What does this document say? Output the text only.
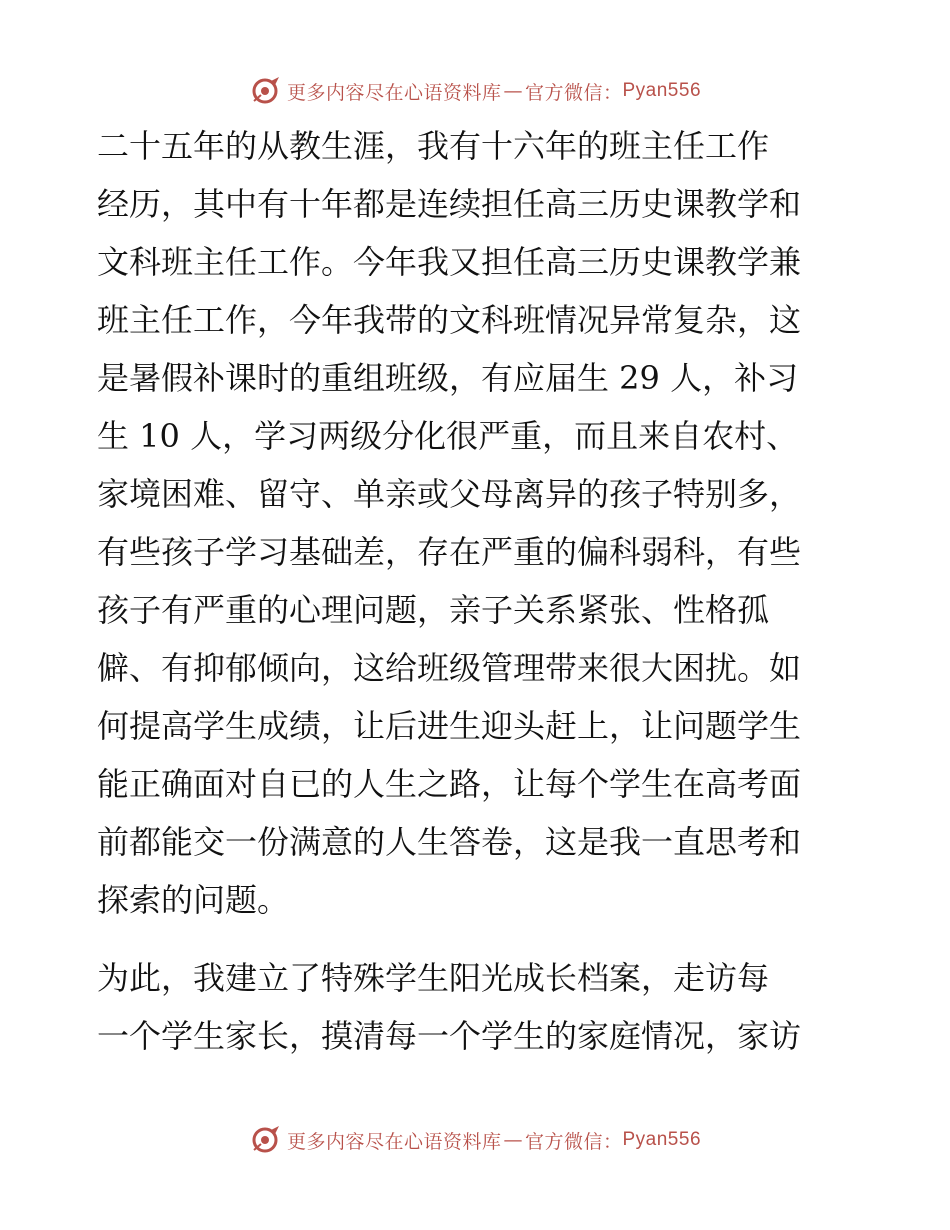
更多内容尽在心语资料库 — 官方微信： Pyan556
二十五年的从教生涯，我有十六年的班主任工作
经历，其中有十年都是连续担任高三历史课教学和
文科班主任工作。今年我又担任高三历史课教学兼
班主任工作，今年我带的文科班情况异常复杂，这
是暑假补课时的重组班级，有应届生 29 人，补习
生 10 人，学习两级分化很严重，而且来自农村、
家境困难、留守、单亲或父母离异的孩子特别多，
有些孩子学习基础差，存在严重的偏科弱科，有些
孩子有严重的心理问题，亲子关系紧张、性格孤
僻、有抑郁倾向，这给班级管理带来很大困扰。如
何提高学生成绩，让后进生迎头赶上，让问题学生
能正确面对自已的人生之路，让每个学生在高考面
前都能交一份满意的人生答卷，这是我一直思考和
探索的问题。
为此，我建立了特殊学生阳光成长档案，走访每
一个学生家长，摸清每一个学生的家庭情况，家访
更多内容尽在心语资料库 — 官方微信： Pyan556
